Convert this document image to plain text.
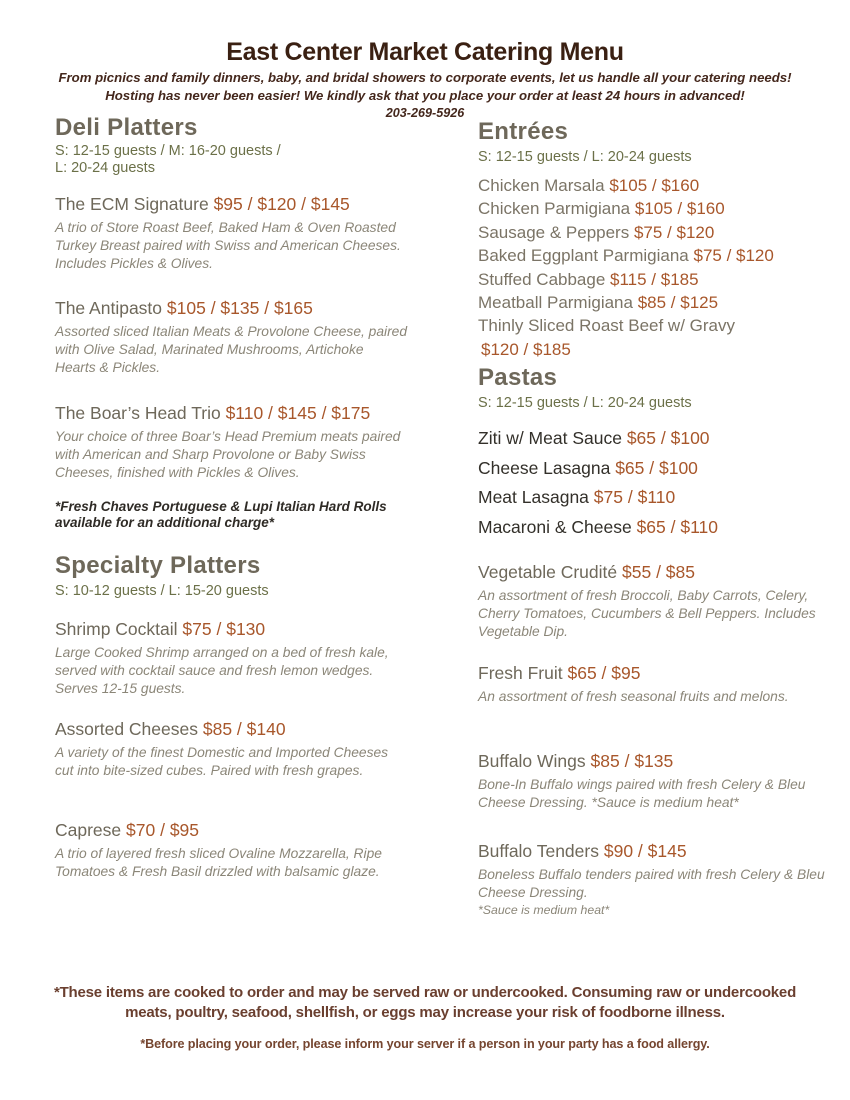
East Center Market Catering Menu

From picnics and family dinners, baby, and bridal showers to corporate events, let us handle all your catering needs!

Hosting has never been easier! We kindly ask that you place your order at least 24 hours in advanced!

203-269-5926

Deli Platters

S: 12-15 guests / M: 16-20 guests /

L: 20-24 guests

The ECM Signature $95 / $120 / $145

A trio of Store Roast Beef, Baked Ham & Oven Roasted Turkey Breast paired with Swiss and American Cheeses. Includes Pickles & Olives.

The Antipasto $105 / $135 / $165

Assorted sliced Italian Meats & Provolone Cheese, paired with Olive Salad, Marinated Mushrooms, Artichoke Hearts & Pickles.

The Boar’s Head Trio $110 / $145 / $175

Your choice of three Boar’s Head Premium meats paired with American and Sharp Provolone or Baby Swiss Cheeses, finished with Pickles & Olives.

*Fresh Chaves Portuguese & Lupi Italian Hard Rolls available for an additional charge*

Specialty Platters

S: 10-12 guests / L: 15-20 guests

Shrimp Cocktail $75 / $130

Large Cooked Shrimp arranged on a bed of fresh kale, served with cocktail sauce and fresh lemon wedges. Serves 12-15 guests.

Assorted Cheeses $85 / $140

A variety of the finest Domestic and Imported Cheeses cut into bite-sized cubes. Paired with fresh grapes.

Caprese $70 / $95

A trio of layered fresh sliced Ovaline Mozzarella, Ripe Tomatoes & Fresh Basil drizzled with balsamic glaze.

Entrées

S: 12-15 guests / L: 20-24 guests

Chicken Marsala $105 / $160
Chicken Parmigiana $105 / $160
Sausage & Peppers $75 / $120
Baked Eggplant Parmigiana $75 / $120
Stuffed Cabbage $115 / $185
Meatball Parmigiana $85 / $125
Thinly Sliced Roast Beef w/ Gravy
$120 / $185
Pastas

S: 12-15 guests / L: 20-24 guests

Ziti w/ Meat Sauce $65 / $100
Cheese Lasagna $65 / $100
Meat Lasagna $75 / $110
Macaroni & Cheese $65 / $110

Vegetable Crudité $55 / $85

An assortment of fresh Broccoli, Baby Carrots, Celery, Cherry Tomatoes, Cucumbers & Bell Peppers. Includes Vegetable Dip.

Fresh Fruit $65 / $95

An assortment of fresh seasonal fruits and melons.

Buffalo Wings $85 / $135

Bone-In Buffalo wings paired with fresh Celery & Bleu Cheese Dressing. *Sauce is medium heat*

Buffalo Tenders $90 / $145

Boneless Buffalo tenders paired with fresh Celery & Bleu Cheese Dressing.

*Sauce is medium heat*

*These items are cooked to order and may be served raw or undercooked. Consuming raw or undercooked meats, poultry, seafood, shellfish, or eggs may increase your risk of foodborne illness.

*Before placing your order, please inform your server if a person in your party has a food allergy.
